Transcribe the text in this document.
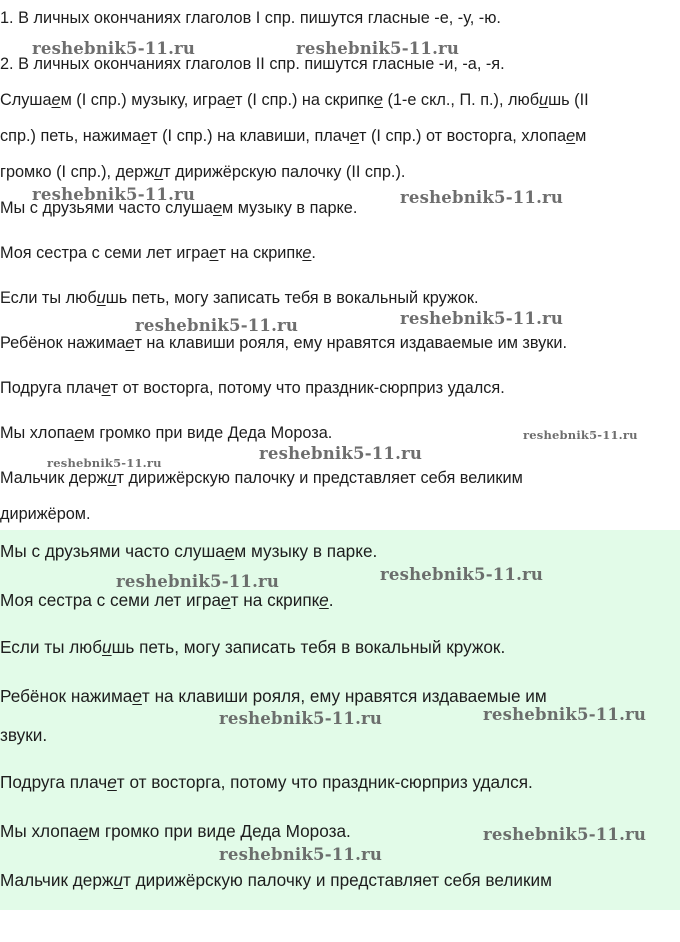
1. В личных окончаниях глаголов I спр. пишутся гласные -е, -у, -ю.
2. В личных окончаниях глаголов II спр. пишутся гласные -и, -а, -я.
Слушаем (I спр.) музыку, играет (I спр.) на скрипке (1-е скл., П. п.), любишь (II
спр.) петь, нажимает (I спр.) на клавиши, плачет (I спр.) от восторга, хлопаем
громко (I спр.), держит дирижёрскую палочку (II спр.).
Мы с друзьями часто слушаем музыку в парке.
Моя сестра с семи лет играет на скрипке.
Если ты любишь петь, могу записать тебя в вокальный кружок.
Ребёнок нажимает на клавиши рояля, ему нравятся издаваемые им звуки.
Подруга плачет от восторга, потому что праздник-сюрприз удался.
Мы хлопаем громко при виде Деда Мороза.
Мальчик держит дирижёрскую палочку и представляет себя великим
дирижёром.
Мы с друзьями часто слушаем музыку в парке.
Моя сестра с семи лет играет на скрипке.
Если ты любишь петь, могу записать тебя в вокальный кружок.
Ребёнок нажимает на клавиши рояля, ему нравятся издаваемые им
звуки.
Подруга плачет от восторга, потому что праздник-сюрприз удался.
Мы хлопаем громко при виде Деда Мороза.
Мальчик держит дирижёрскую палочку и представляет себя великим
reshebnik5-11.ru	reshebnik5-11.ru
reshebnik5-11.ru	reshebnik5-11.ru
reshebnik5-11.ru	reshebnik5-11.ru
reshebnik5-11.ru
reshebnik5-11.ru
reshebnik5-11.ru
reshebnik5-11.ru
reshebnik5-11.ru
reshebnik5-11.ru
reshebnik5-11.ru
reshebnik5-11.ru
reshebnik5-11.ru
